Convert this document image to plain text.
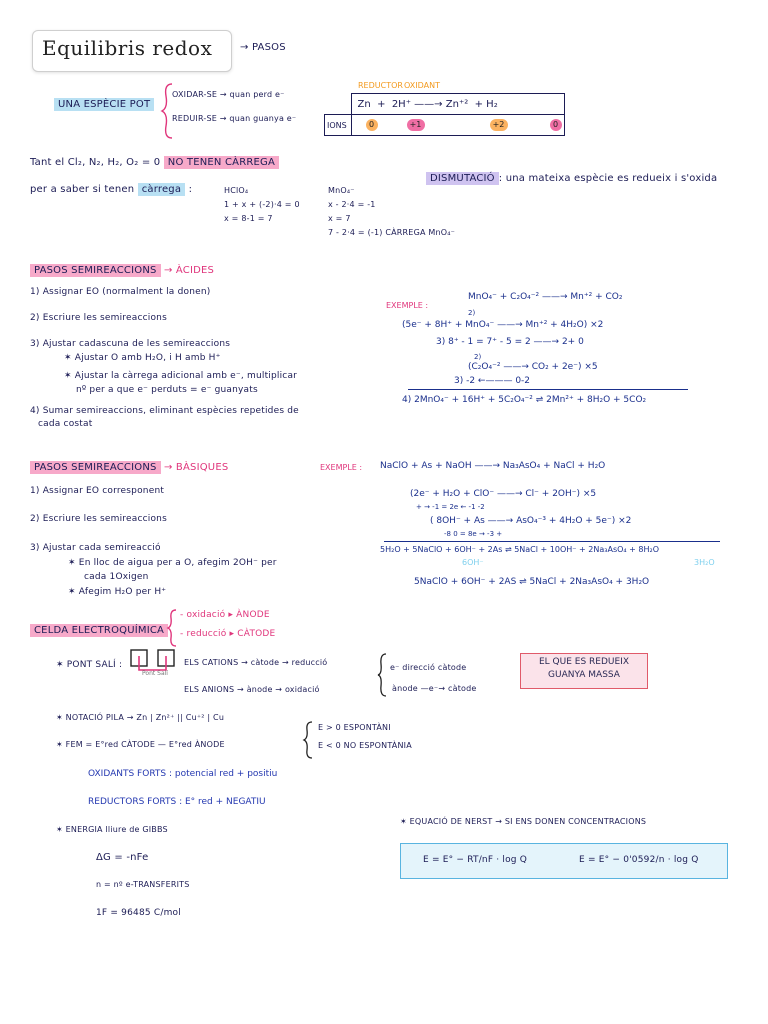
Equilibris redox	→ PASOS
UNA ESPÈCIE POT
OXIDAR-SE → quan perd e⁻
REDUIR-SE → quan guanya e⁻
REDUCTOR OXIDANT
	Zn + 2H⁺ ——→ Zn⁺² + H₂
IONS	0 +1 +2 0
Tant el Cl₂, N₂, H₂, O₂ = 0 NO TENEN CÀRREGA
per a saber si tenen càrrega :	HClO₄
1 + x + (-2)·4 = 0
x = 8-1 = 7
MnO₄⁻
x - 2·4 = -1
x = 7
7 - 2·4 = (-1) CÀRREGA MnO₄⁻
DISMUTACIÓ : una mateixa espècie es redueix i s'oxida
PASOS SEMIREACCIONS → ÀCIDES
1) Assignar EO (normalment la donen)
2) Escriure les semireaccions
3) Ajustar cadascuna de les semireaccions
✶ Ajustar O amb H₂O, i H amb H⁺
✶ Ajustar la càrrega adicional amb e⁻, multiplicar
nº per a que e⁻ perduts = e⁻ guanyats
4) Sumar semireaccions, eliminant espècies repetides de
cada costat
EXEMPLE :
MnO₄⁻ + C₂O₄⁻² ——→ Mn⁺² + CO₂
2)
(5e⁻ + 8H⁺ + MnO₄⁻ ——→ Mn⁺² + 4H₂O) ×2
3) 8⁺ - 1 = 7⁺ - 5 = 2 ——→ 2+ 0
2)
(C₂O₄⁻² ——→ CO₂ + 2e⁻) ×5
3) -2 ←——— 0-2
4) 2MnO₄⁻ + 16H⁺ + 5C₂O₄⁻² ⇌ 2Mn²⁺ + 8H₂O + 5CO₂
PASOS SEMIREACCIONS → BÀSIQUES
1) Assignar EO corresponent
2) Escriure les semireaccions
3) Ajustar cada semireacció
✶ En lloc de aigua per a O, afegim 2OH⁻ per
cada 1Oxigen
✶ Afegim H₂O per H⁺
EXEMPLE : NaClO + As + NaOH ——→ Na₃AsO₄ + NaCl + H₂O
(2e⁻ + H₂O + ClO⁻ ——→ Cl⁻ + 2OH⁻) ×5
+ → -1 = 2e ← -1 -2
( 8OH⁻ + As ——→ AsO₄⁻³ + 4H₂O + 5e⁻) ×2
-8 0 = 8e → -3 +
5H₂O + 5NaClO + 6OH⁻ + 2As ⇌ 5NaCl + 10OH⁻ + 2Na₃AsO₄ + 8H₂O
6OH⁻	3H₂O
5NaClO + 6OH⁻ + 2AS ⇌ 5NaCl + 2Na₃AsO₄ + 3H₂O
CELDA ELECTROQUÍMICA
- oxidació ▸ ÀNODE
- reducció ▸ CÀTODE
✶ PONT SALÍ :
Pont Salí
ELS CATIONS → càtode → reducció
ELS ANIONS → ànode → oxidació
e⁻ direcció càtode
ànode —e⁻→ càtode
EL QUE ES REDUEIX
GUANYA MASSA
✶ NOTACIÓ PILA → Zn | Zn²⁺ || Cu⁺² | Cu
✶ FEM = E°red CÀTODE — E°red ÀNODE
E > 0 ESPONTÀNI
E < 0 NO ESPONTÀNIA
OXIDANTS FORTS : potencial red + positiu
REDUCTORS FORTS : E° red + NEGATIU
✶ ENERGIA lliure de GIBBS
ΔG = -nFe
n = nº e-TRANSFERITS
1F = 96485 C/mol
✶ EQUACIÓ DE NERST → SI ENS DONEN CONCENTRACIONS
E = E° − RT/nF · log Q	E = E° − 0'0592/n · log Q
